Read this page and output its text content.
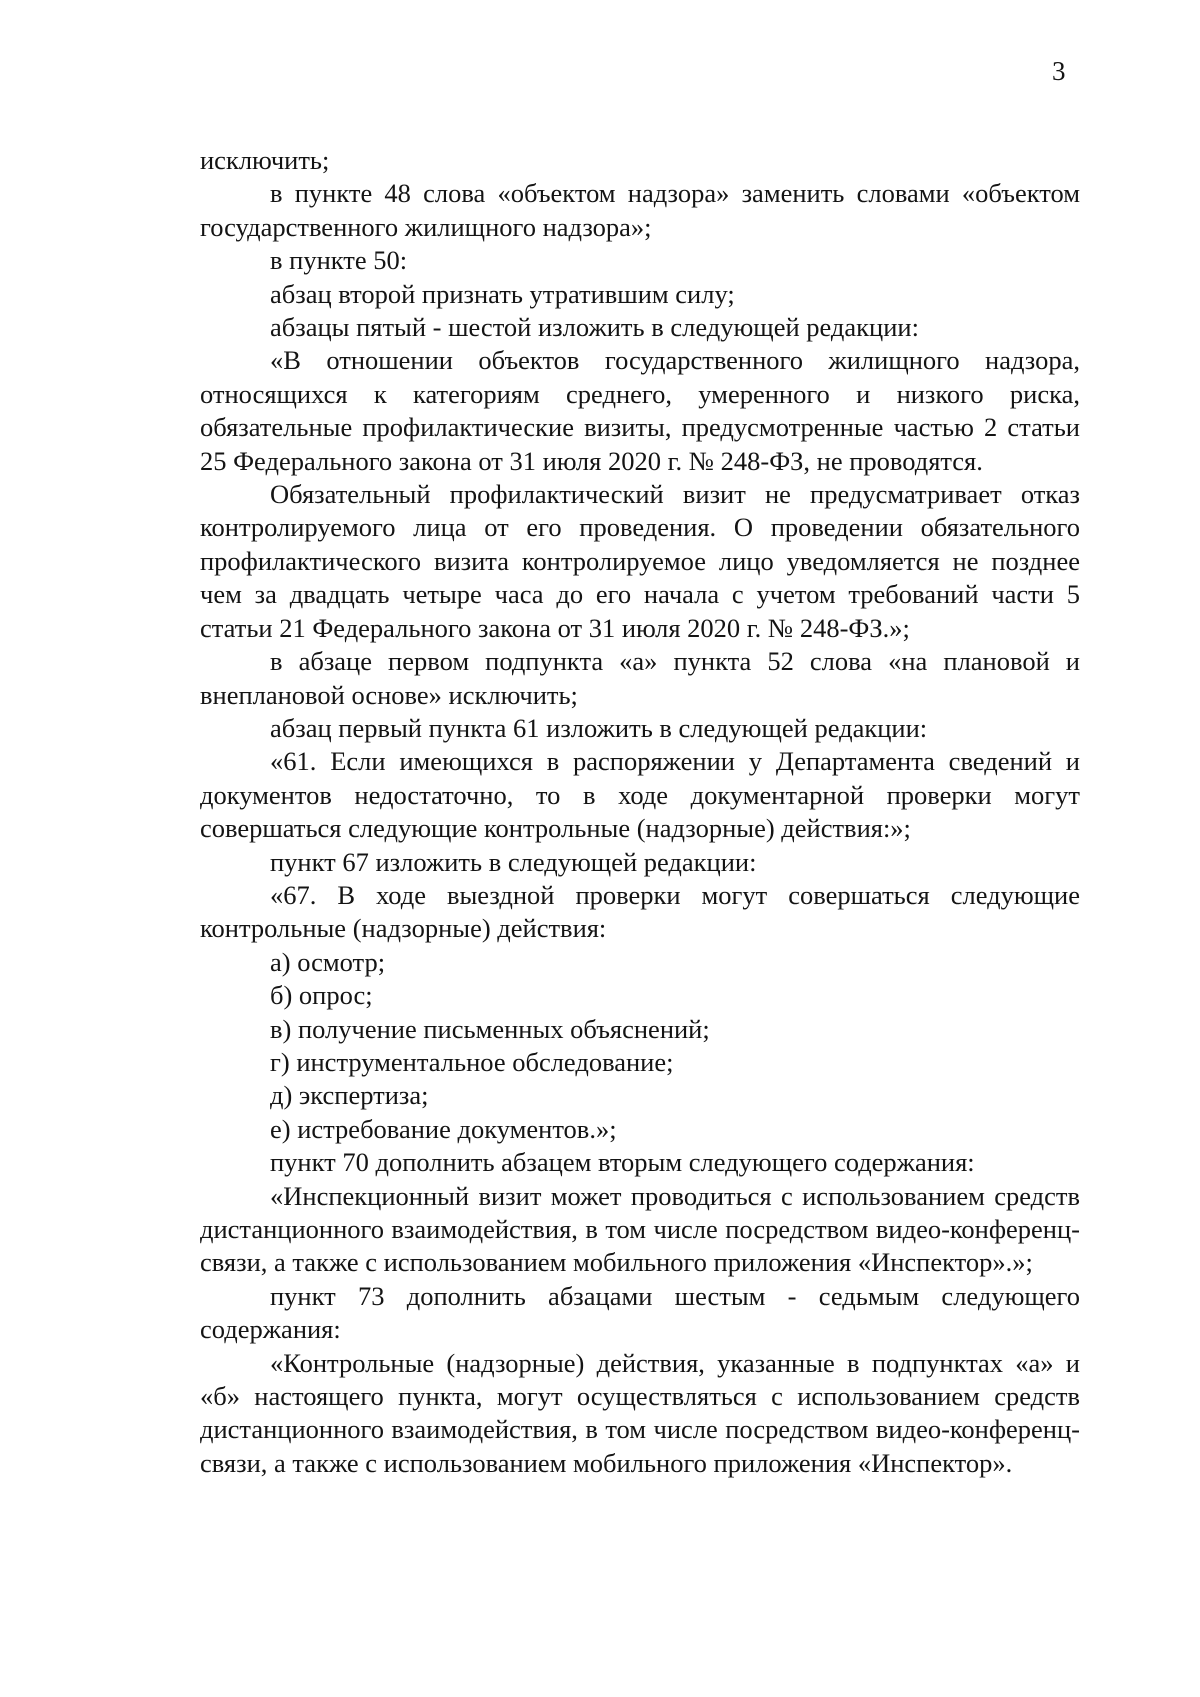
3

исключить;

в пункте 48 слова «объектом надзора» заменить словами «объектом государственного жилищного надзора»;

в пункте 50:

абзац второй признать утратившим силу;

абзацы пятый - шестой изложить в следующей редакции:

«В отношении объектов государственного жилищного надзора, относящихся к категориям среднего, умеренного и низкого риска, обязательные профилактические визиты, предусмотренные частью 2 статьи 25 Федерального закона от 31 июля 2020 г. № 248-ФЗ, не проводятся.

Обязательный профилактический визит не предусматривает отказ контролируемого лица от его проведения. О проведении обязательного профилактического визита контролируемое лицо уведомляется не позднее чем за двадцать четыре часа до его начала с учетом требований части 5 статьи 21 Федерального закона от 31 июля 2020 г. № 248-ФЗ.»;

в абзаце первом подпункта «а» пункта 52 слова «на плановой и внеплановой основе» исключить;

абзац первый пункта 61 изложить в следующей редакции:

«61. Если имеющихся в распоряжении у Департамента сведений и документов недостаточно, то в ходе документарной проверки могут совершаться следующие контрольные (надзорные) действия:»;

пункт 67 изложить в следующей редакции:

«67. В ходе выездной проверки могут совершаться следующие контрольные (надзорные) действия:

а) осмотр;

б) опрос;

в) получение письменных объяснений;

г) инструментальное обследование;

д) экспертиза;

е) истребование документов.»;

пункт 70 дополнить абзацем вторым следующего содержания:

«Инспекционный визит может проводиться с использованием средств дистанционного взаимодействия, в том числе посредством видео-конференц-связи, а также с использованием мобильного приложения «Инспектор».»;

пункт 73 дополнить абзацами шестым - седьмым следующего содержания:

«Контрольные (надзорные) действия, указанные в подпунктах «а» и «б» настоящего пункта, могут осуществляться с использованием средств дистанционного взаимодействия, в том числе посредством видео-конференц-связи, а также с использованием мобильного приложения «Инспектор».
